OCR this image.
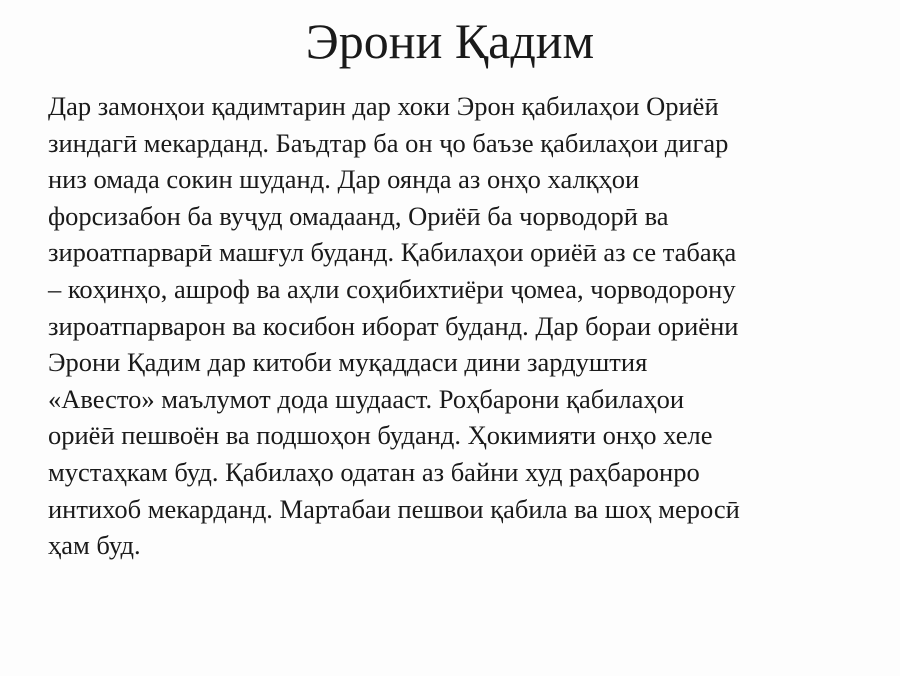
Эрони Қадим

Дар замонҳои қадимтарин дар хоки Эрон қабилаҳои Ориёӣ
зиндагӣ мекарданд. Баъдтар ба он ҷо баъзе қабилаҳои дигар
низ омада сокин шуданд. Дар оянда аз онҳо халқҳои
форсизабон ба вуҷуд омадаанд, Ориёӣ ба чорводорӣ ва
зироатпарварӣ машғул буданд. Қабилаҳои ориёӣ аз се табақа
– коҳинҳо, ашроф ва аҳли соҳибихтиёри ҷомеа, чорводорону
зироатпарварон ва косибон иборат буданд. Дар бораи ориёни
Эрони Қадим дар китоби муқаддаси дини зардуштия
«Авесто» маълумот дода шудааст. Роҳбарони қабилаҳои
ориёӣ пешвоён ва подшоҳон буданд. Ҳокимияти онҳо хеле
мустаҳкам буд. Қабилаҳо одатан аз байни худ раҳбаронро
интихоб мекарданд. Мартабаи пешвои қабила ва шоҳ меросӣ
ҳам буд.
